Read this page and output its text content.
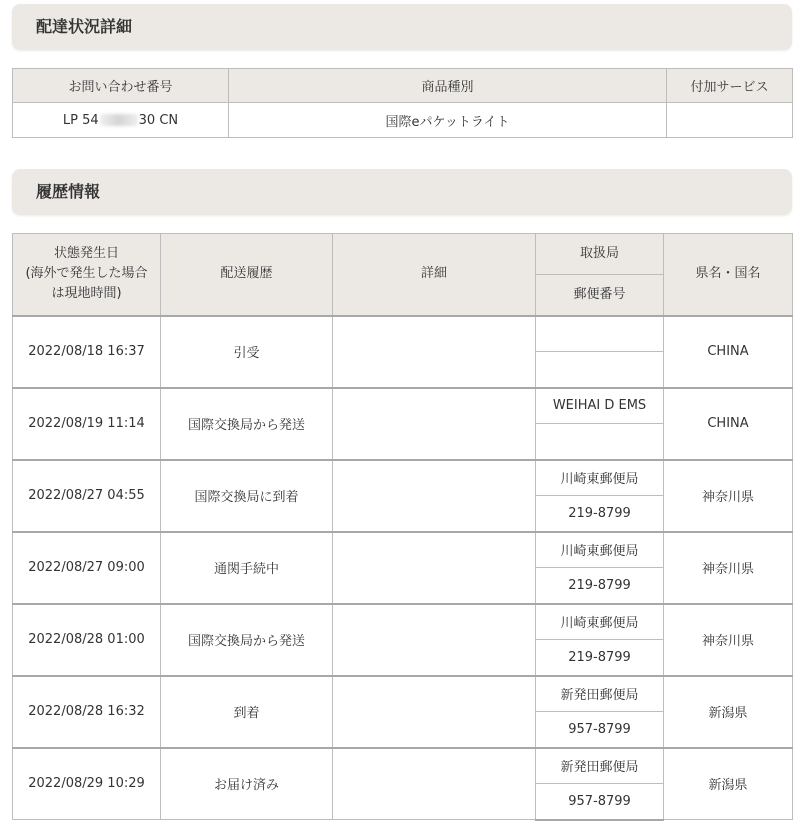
配達状況詳細
お問い合わせ番号	商品種別	付加サービス
LP 54 30 CN	国際eパケットライト	
履歴情報
状態発生日
(海外で発生した場合は現地時間)	配送履歴	詳細	取扱局	県名・国名
			郵便番号	
2022/08/18 16:37	引受			CHINA

2022/08/19 11:14	国際交換局から発送		WEIHAI D EMS	CHINA

2022/08/27 04:55	国際交換局に到着		川崎東郵便局	神奈川県
			219-8799	
2022/08/27 09:00	通関手続中		川崎東郵便局	神奈川県
			219-8799	
2022/08/28 01:00	国際交換局から発送		川崎東郵便局	神奈川県
			219-8799	
2022/08/28 16:32	到着		新発田郵便局	新潟県
			957-8799	
2022/08/29 10:29	お届け済み		新発田郵便局	新潟県
			957-8799	
